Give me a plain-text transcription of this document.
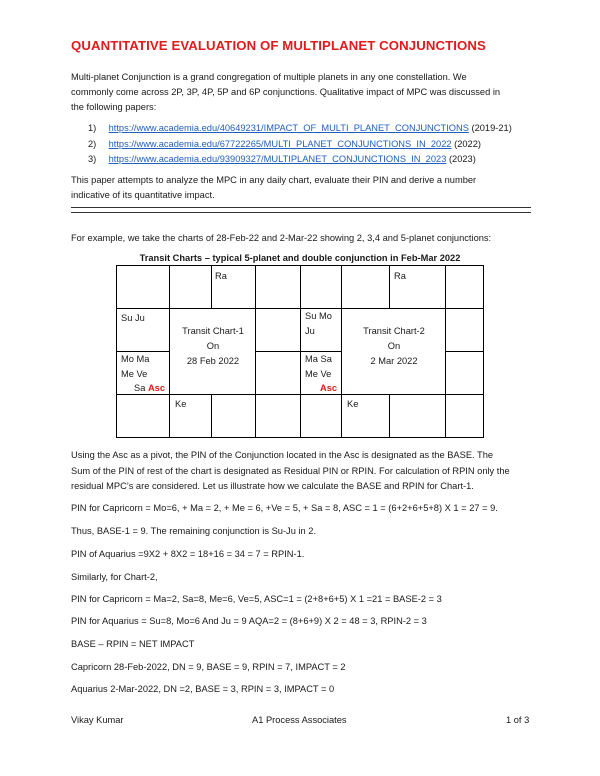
QUANTITATIVE EVALUATION OF MULTIPLANET CONJUNCTIONS
Multi-planet Conjunction is a grand congregation of multiple planets in any one constellation. We
commonly come across 2P, 3P, 4P, 5P and 6P conjunctions. Qualitative impact of MPC was discussed in
the following papers:
1) https://www.academia.edu/40649231/IMPACT_OF_MULTI_PLANET_CONJUNCTIONS (2019-21)
2) https://www.academia.edu/67722265/MULTI_PLANET_CONJUNCTIONS_IN_2022 (2022)
3) https://www.academia.edu/93909327/MULTIPLANET_CONJUNCTIONS_IN_2023 (2023)
This paper attempts to analyze the MPC in any daily chart, evaluate their PIN and derive a number
indicative of its quantitative impact.
For example, we take the charts of 28-Feb-22 and 2-Mar-22 showing 2, 3,4 and 5-planet conjunctions:
Transit Charts – typical 5-planet and double conjunction in Feb-Mar 2022
Ra
Su Ju
Mo Ma
Me Ve
Sa Asc
Ke
Transit Chart-1
On
28 Feb 2022
Ra
Su Mo
Ju
Ma Sa
Me Ve
Asc
Ke
Transit Chart-2
On
2 Mar 2022
Using the Asc as a pivot, the PIN of the Conjunction located in the Asc is designated as the BASE. The
Sum of the PIN of rest of the chart is designated as Residual PIN or RPIN. For calculation of RPIN only the
residual MPC’s are considered. Let us illustrate how we calculate the BASE and RPIN for Chart-1.
PIN for Capricorn = Mo=6, + Ma = 2, + Me = 6, +Ve = 5, + Sa = 8, ASC = 1 = (6+2+6+5+8) X 1 = 27 = 9.
Thus, BASE-1 = 9. The remaining conjunction is Su-Ju in 2.
PIN of Aquarius =9X2 + 8X2 = 18+16 = 34 = 7 = RPIN-1.
Similarly, for Chart-2,
PIN for Capricorn = Ma=2, Sa=8, Me=6, Ve=5, ASC=1 = (2+8+6+5) X 1 =21 = BASE-2 = 3
PIN for Aquarius = Su=8, Mo=6 And Ju = 9 AQA=2 = (8+6+9) X 2 = 48 = 3, RPIN-2 = 3
BASE – RPIN = NET IMPACT
Capricorn 28-Feb-2022, DN = 9, BASE = 9, RPIN = 7, IMPACT = 2
Aquarius 2-Mar-2022, DN =2, BASE = 3, RPIN = 3, IMPACT = 0
Vikay Kumar	A1 Process Associates	1 of 3
